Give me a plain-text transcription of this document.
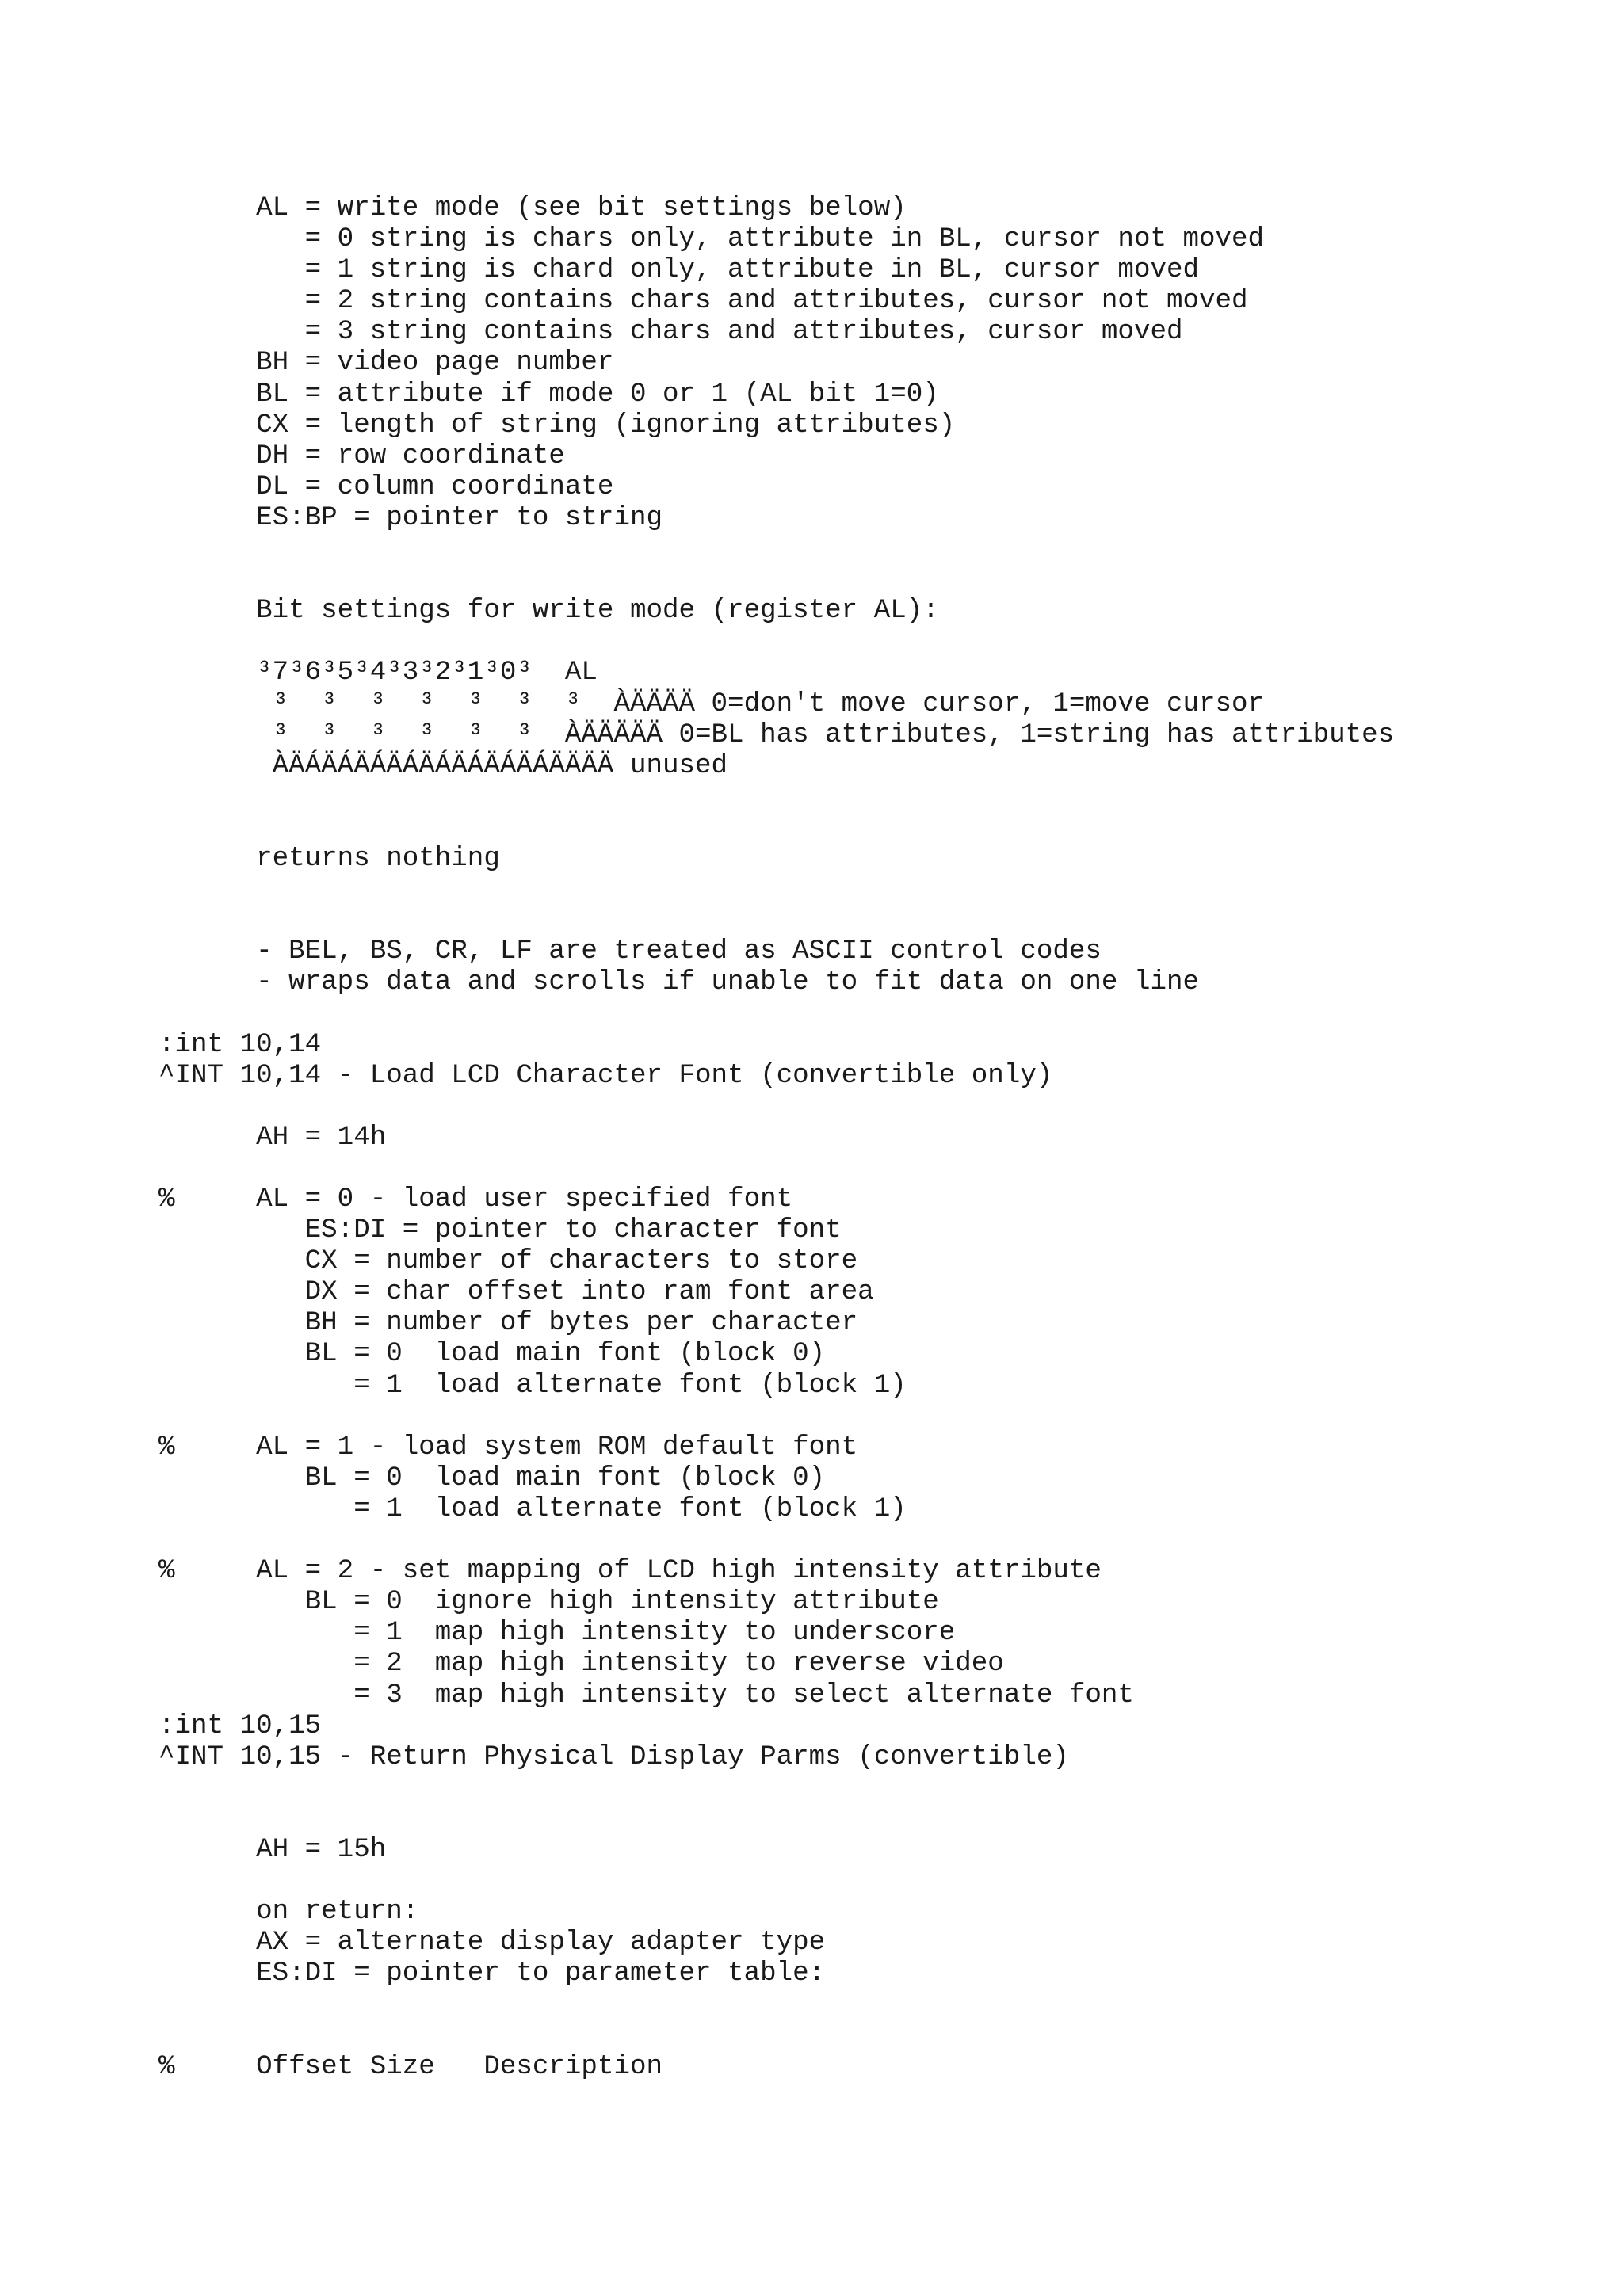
AL = write mode (see bit settings below)
= 0 string is chars only, attribute in BL, cursor not moved
= 1 string is chard only, attribute in BL, cursor moved
= 2 string contains chars and attributes, cursor not moved
= 3 string contains chars and attributes, cursor moved
BH = video page number
BL = attribute if mode 0 or 1 (AL bit 1=0)
CX = length of string (ignoring attributes)
DH = row coordinate
DL = column coordinate
ES:BP = pointer to string
Bit settings for write mode (register AL):
³7³6³5³4³3³2³1³0³  AL
³  ³  ³  ³  ³  ³  ³  ÀÄÄÄÄ 0=don't move cursor, 1=move cursor
³  ³  ³  ³  ³  ³  ÀÄÄÄÄÄ 0=BL has attributes, 1=string has attributes
ÀÄÁÄÁÄÁÄÁÄÁÄÁÄÁÄÁÄÄÄÄ unused
returns nothing
- BEL, BS, CR, LF are treated as ASCII control codes
- wraps data and scrolls if unable to fit data on one line
:int 10,14
^INT 10,14 - Load LCD Character Font (convertible only)
AH = 14h
%     AL = 0 - load user specified font
ES:DI = pointer to character font
CX = number of characters to store
DX = char offset into ram font area
BH = number of bytes per character
BL = 0  load main font (block 0)
= 1  load alternate font (block 1)
%     AL = 1 - load system ROM default font
BL = 0  load main font (block 0)
= 1  load alternate font (block 1)
%     AL = 2 - set mapping of LCD high intensity attribute
BL = 0  ignore high intensity attribute
= 1  map high intensity to underscore
= 2  map high intensity to reverse video
= 3  map high intensity to select alternate font
:int 10,15
^INT 10,15 - Return Physical Display Parms (convertible)
AH = 15h
on return:
AX = alternate display adapter type
ES:DI = pointer to parameter table:
%     Offset Size   Description
